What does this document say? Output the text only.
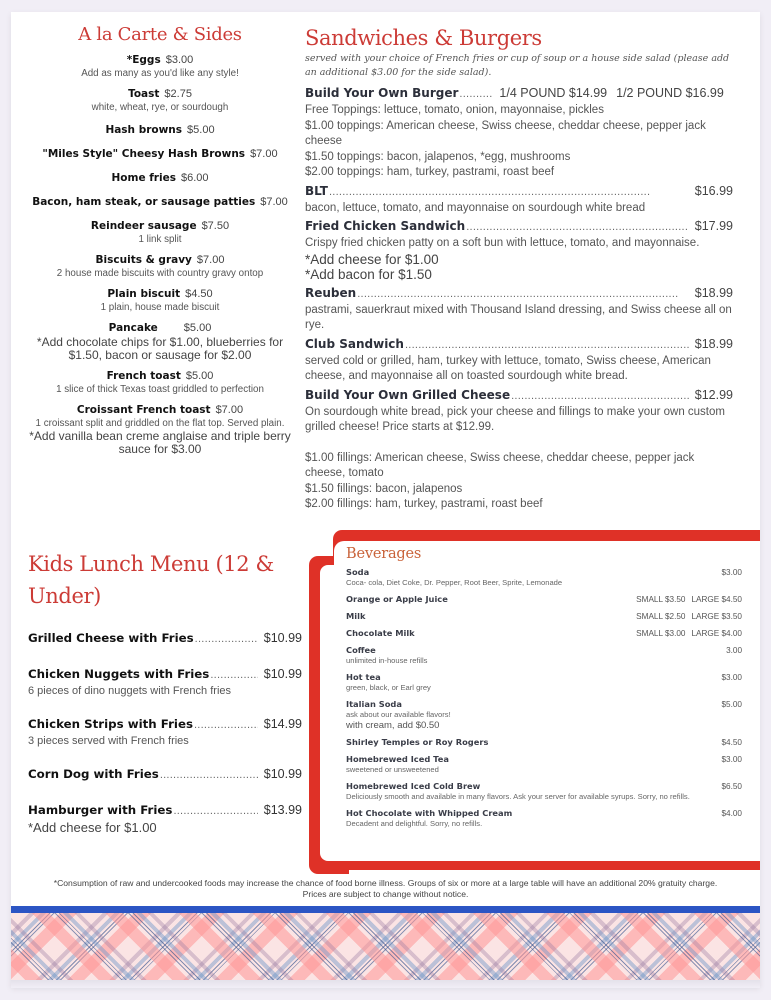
A la Carte & Sides
*Eggs $3.00
Add as many as you'd like any style!
Toast $2.75
white, wheat, rye, or sourdough
Hash browns $5.00
"Miles Style" Cheesy Hash Browns $7.00
Home fries $6.00
Bacon, ham steak, or sausage patties $7.00
Reindeer sausage $7.50
1 link split
Biscuits & gravy $7.00
2 house made biscuits with country gravy ontop
Plain biscuit $4.50
1 plain, house made biscuit
Pancake $5.00
*Add chocolate chips for $1.00, blueberries for $1.50, bacon or sausage for $2.00
French toast $5.00
1 slice of thick Texas toast griddled to perfection
Croissant French toast $7.00
1 croissant split and griddled on the flat top. Served plain.
*Add vanilla bean creme anglaise and triple berry sauce for $3.00
Sandwiches & Burgers
served with your choice of French fries or cup of soup or a house side salad (please add an additional $3.00 for the side salad).
Build Your Own Burger . . .	1/4 POUND $14.99 1/2 POUND $16.99
Free Toppings: lettuce, tomato, onion, mayonnaise, pickles
$1.00 toppings: American cheese, Swiss cheese, cheddar cheese, pepper jack cheese
$1.50 toppings: bacon, jalapenos, *egg, mushrooms
$2.00 toppings: ham, turkey, pastrami, roast beef
BLT . . .	$16.99
bacon, lettuce, tomato, and mayonnaise on sourdough white bread
Fried Chicken Sandwich . . .	$17.99
Crispy fried chicken patty on a soft bun with lettuce, tomato, and mayonnaise.
*Add cheese for $1.00
*Add bacon for $1.50
Reuben . . .	$18.99
pastrami, sauerkraut mixed with Thousand Island dressing, and Swiss cheese all on rye.
Club Sandwich . . .	$18.99
served cold or grilled, ham, turkey with lettuce, tomato, Swiss cheese, American cheese, and mayonnaise all on toasted sourdough white bread.
Build Your Own Grilled Cheese . . .	$12.99
On sourdough white bread, pick your cheese and fillings to make your own custom grilled cheese! Price starts at $12.99.
$1.00 fillings: American cheese, Swiss cheese, cheddar cheese, pepper jack cheese, tomato
$1.50 fillings: bacon, jalapenos
$2.00 fillings: ham, turkey, pastrami, roast beef
Kids Lunch Menu (12 & Under)
Grilled Cheese with Fries . . .	$10.99
Chicken Nuggets with Fries . . .	$10.99
6 pieces of dino nuggets with French fries
Chicken Strips with Fries . . .	$14.99
3 pieces served with French fries
Corn Dog with Fries . . .	$10.99
Hamburger with Fries . . .	$13.99
*Add cheese for $1.00
Beverages
Soda
Coca- cola, Diet Coke, Dr. Pepper, Root Beer, Sprite, Lemonade
$3.00
Orange or Apple Juice	SMALL $3.50 LARGE $4.50
Milk	SMALL $2.50 LARGE $3.50
Chocolate Milk	SMALL $3.00 LARGE $4.00
Coffee
unlimited in-house refills
3.00
Hot tea
green, black, or Earl grey
$3.00
Italian Soda
ask about our available flavors!
with cream, add $0.50
$5.00
Shirley Temples or Roy Rogers	$4.50
Homebrewed Iced Tea
sweetened or unsweetened
$3.00
Homebrewed Iced Cold Brew
Deliciously smooth and available in many flavors. Ask your server for available syrups. Sorry, no refills.
$6.50
Hot Chocolate with Whipped Cream
Decadent and delightful. Sorry, no refills.
$4.00
*Consumption of raw and undercooked foods may increase the chance of food borne illness. Groups of six or more at a large table will have an additional 20% gratuity charge.
Prices are subject to change without notice.
